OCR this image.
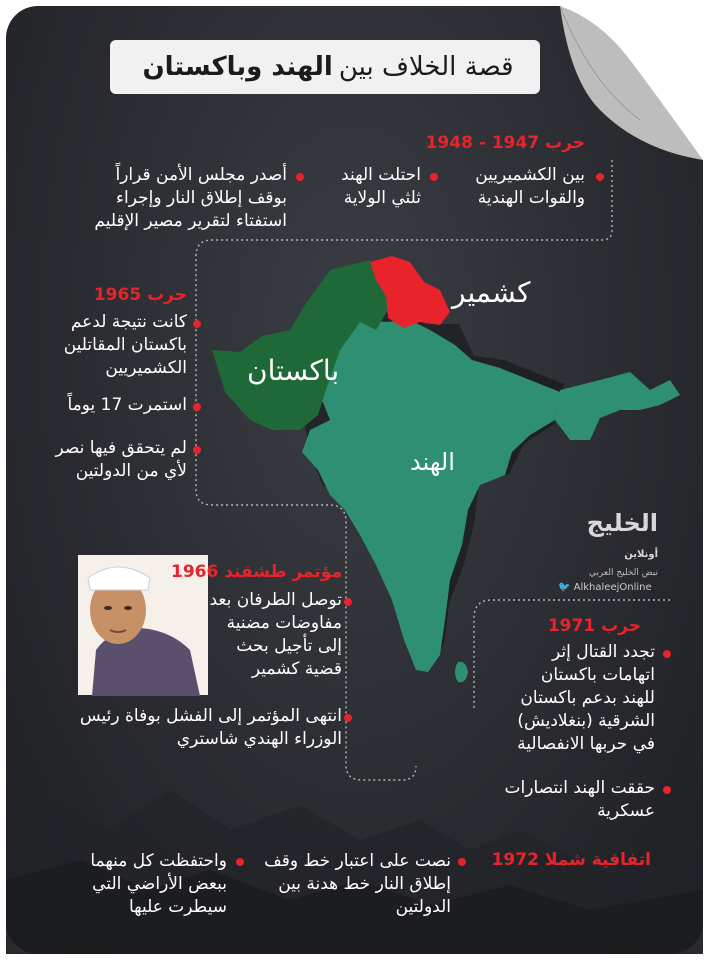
قصة الخلاف بين
الهند وباكستان
كشمير
باكستان
الهند
الخليج أونلاين
نبض الخليج العربي
🐦 AlkhaleejOnline
حرب 1947 - 1948
بين الكشميريين
والقوات الهندية
احتلت الهند
ثلثي الولاية
أصدر مجلس الأمن قراراً
بوقف إطلاق النار وإجراء
استفتاء لتقرير مصير الإقليم
حرب 1965
كانت نتيجة لدعم
باكستان المقاتلين
الكشميريين
استمرت 17 يوماً
لم يتحقق فيها نصر
لأي من الدولتين
مؤتمر طشقند 1966
توصل الطرفان بعد
مفاوضات مضنية
إلى تأجيل بحث
قضية كشمير
انتهى المؤتمر إلى الفشل بوفاة رئيس
الوزراء الهندي شاستري
حرب 1971
تجدد القتال إثر
اتهامات باكستان
للهند بدعم باكستان
الشرقية (بنغلاديش)
في حربها الانفصالية
حققت الهند انتصارات
عسكرية
اتفاقية شملا 1972
نصت على اعتبار خط وقف
إطلاق النار خط هدنة بين
الدولتين
واحتفظت كل منهما
ببعض الأراضي التي
سيطرت عليها
